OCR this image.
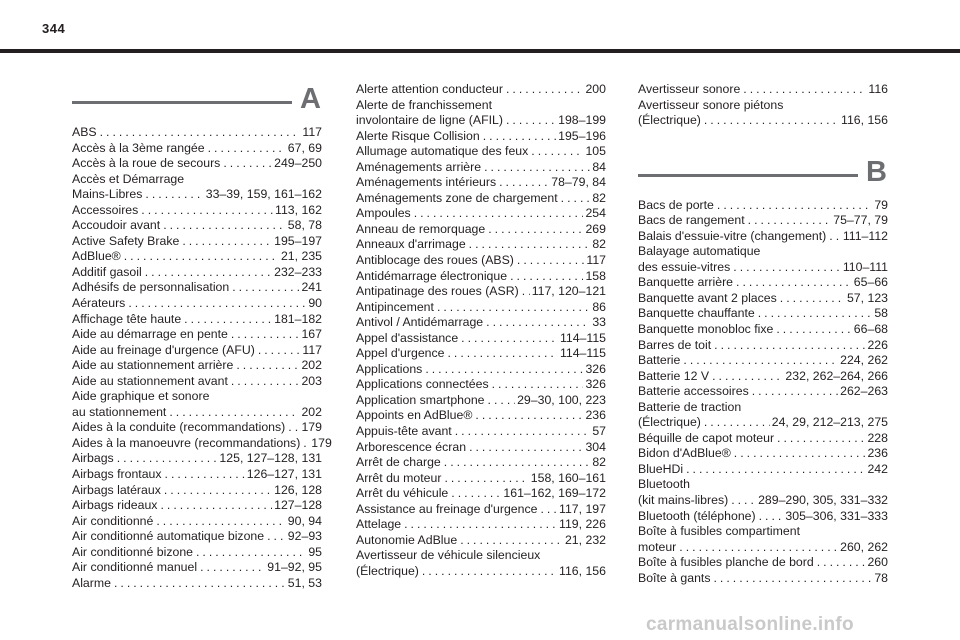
344
A
ABS . . .	117
Accès à la 3ème rangée . . .	67, 69
Accès à la roue de secours . . .	249–250
Accès et Démarrage
Mains-Libres . . .	33–39, 159, 161–162
Accessoires . . .	113, 162
Accoudoir avant . . .	58, 78
Active Safety Brake . . .	195–197
AdBlue® . . .	21, 235
Additif gasoil . . .	232–233
Adhésifs de personnalisation . . .	241
Aérateurs . . .	90
Affichage tête haute . . .	181–182
Aide au démarrage en pente . . .	167
Aide au freinage d'urgence (AFU) . . .	117
Aide au stationnement arrière . . .	202
Aide au stationnement avant . . .	203
Aide graphique et sonore
au stationnement . . .	202
Aides à la conduite (recommandations) . . . 179
Aides à la manoeuvre (recommandations) . . . 179
Airbags . . .	125, 127–128, 131
Airbags frontaux . . .	126–127, 131
Airbags latéraux . . .	126, 128
Airbags rideaux . . .	127–128
Air conditionné . . .	90, 94
Air conditionné automatique bizone . . . 92–93
Air conditionné bizone . . .	95
Air conditionné manuel . . .	91–92, 95
Alarme . . .	51, 53
Alerte attention conducteur . . .	200
Alerte de franchissement
involontaire de ligne (AFIL) . . .	198–199
Alerte Risque Collision . . .	195–196
Allumage automatique des feux . . .	105
Aménagements arrière . . .	84
Aménagements intérieurs . . .	78–79, 84
Aménagements zone de chargement . . .	82
Ampoules . . .	254
Anneau de remorquage . . .	269
Anneaux d'arrimage . . .	82
Antiblocage des roues (ABS) . . .	117
Antidémarrage électronique . . .	158
Antipatinage des roues (ASR) . . . 117, 120–121
Antipincement . . .	86
Antivol / Antidémarrage . . .	33
Appel d'assistance . . .	114–115
Appel d'urgence . . .	114–115
Applications . . .	326
Applications connectées . . .	326
Application smartphone . . .	29–30, 100, 223
Appoints en AdBlue® . . .	236
Appuis-tête avant . . .	57
Arborescence écran . . .	304
Arrêt de charge . . .	82
Arrêt du moteur . . .	158, 160–161
Arrêt du véhicule . . .	161–162, 169–172
Assistance au freinage d'urgence . . . 117, 197
Attelage . . .	119, 226
Autonomie AdBlue . . .	21, 232
Avertisseur de véhicule silencieux
(Électrique) . . .	116, 156
Avertisseur sonore . . .	116
Avertisseur sonore piétons
(Électrique) . . .	116, 156
B
Bacs de porte . . .	79
Bacs de rangement . . .	75–77, 79
Balais d'essuie-vitre (changement) . . . 111–112
Balayage automatique
des essuie-vitres . . .	110–111
Banquette arrière . . .	65–66
Banquette avant 2 places . . .	57, 123
Banquette chauffante . . .	58
Banquette monobloc fixe . . .	66–68
Barres de toit . . .	226
Batterie . . .	224, 262
Batterie 12 V . . .	232, 262–264, 266
Batterie accessoires . . .	262–263
Batterie de traction
(Électrique) . . .	24, 29, 212–213, 275
Béquille de capot moteur . . .	228
Bidon d'AdBlue® . . .	236
BlueHDi . . .	242
Bluetooth
(kit mains-libres) . . . 289–290, 305, 331–332
Bluetooth (téléphone) . . . 305–306, 331–333
Boîte à fusibles compartiment
moteur . . .	260, 262
Boîte à fusibles planche de bord . . .	260
Boîte à gants . . .	78
carmanualsonline.info
